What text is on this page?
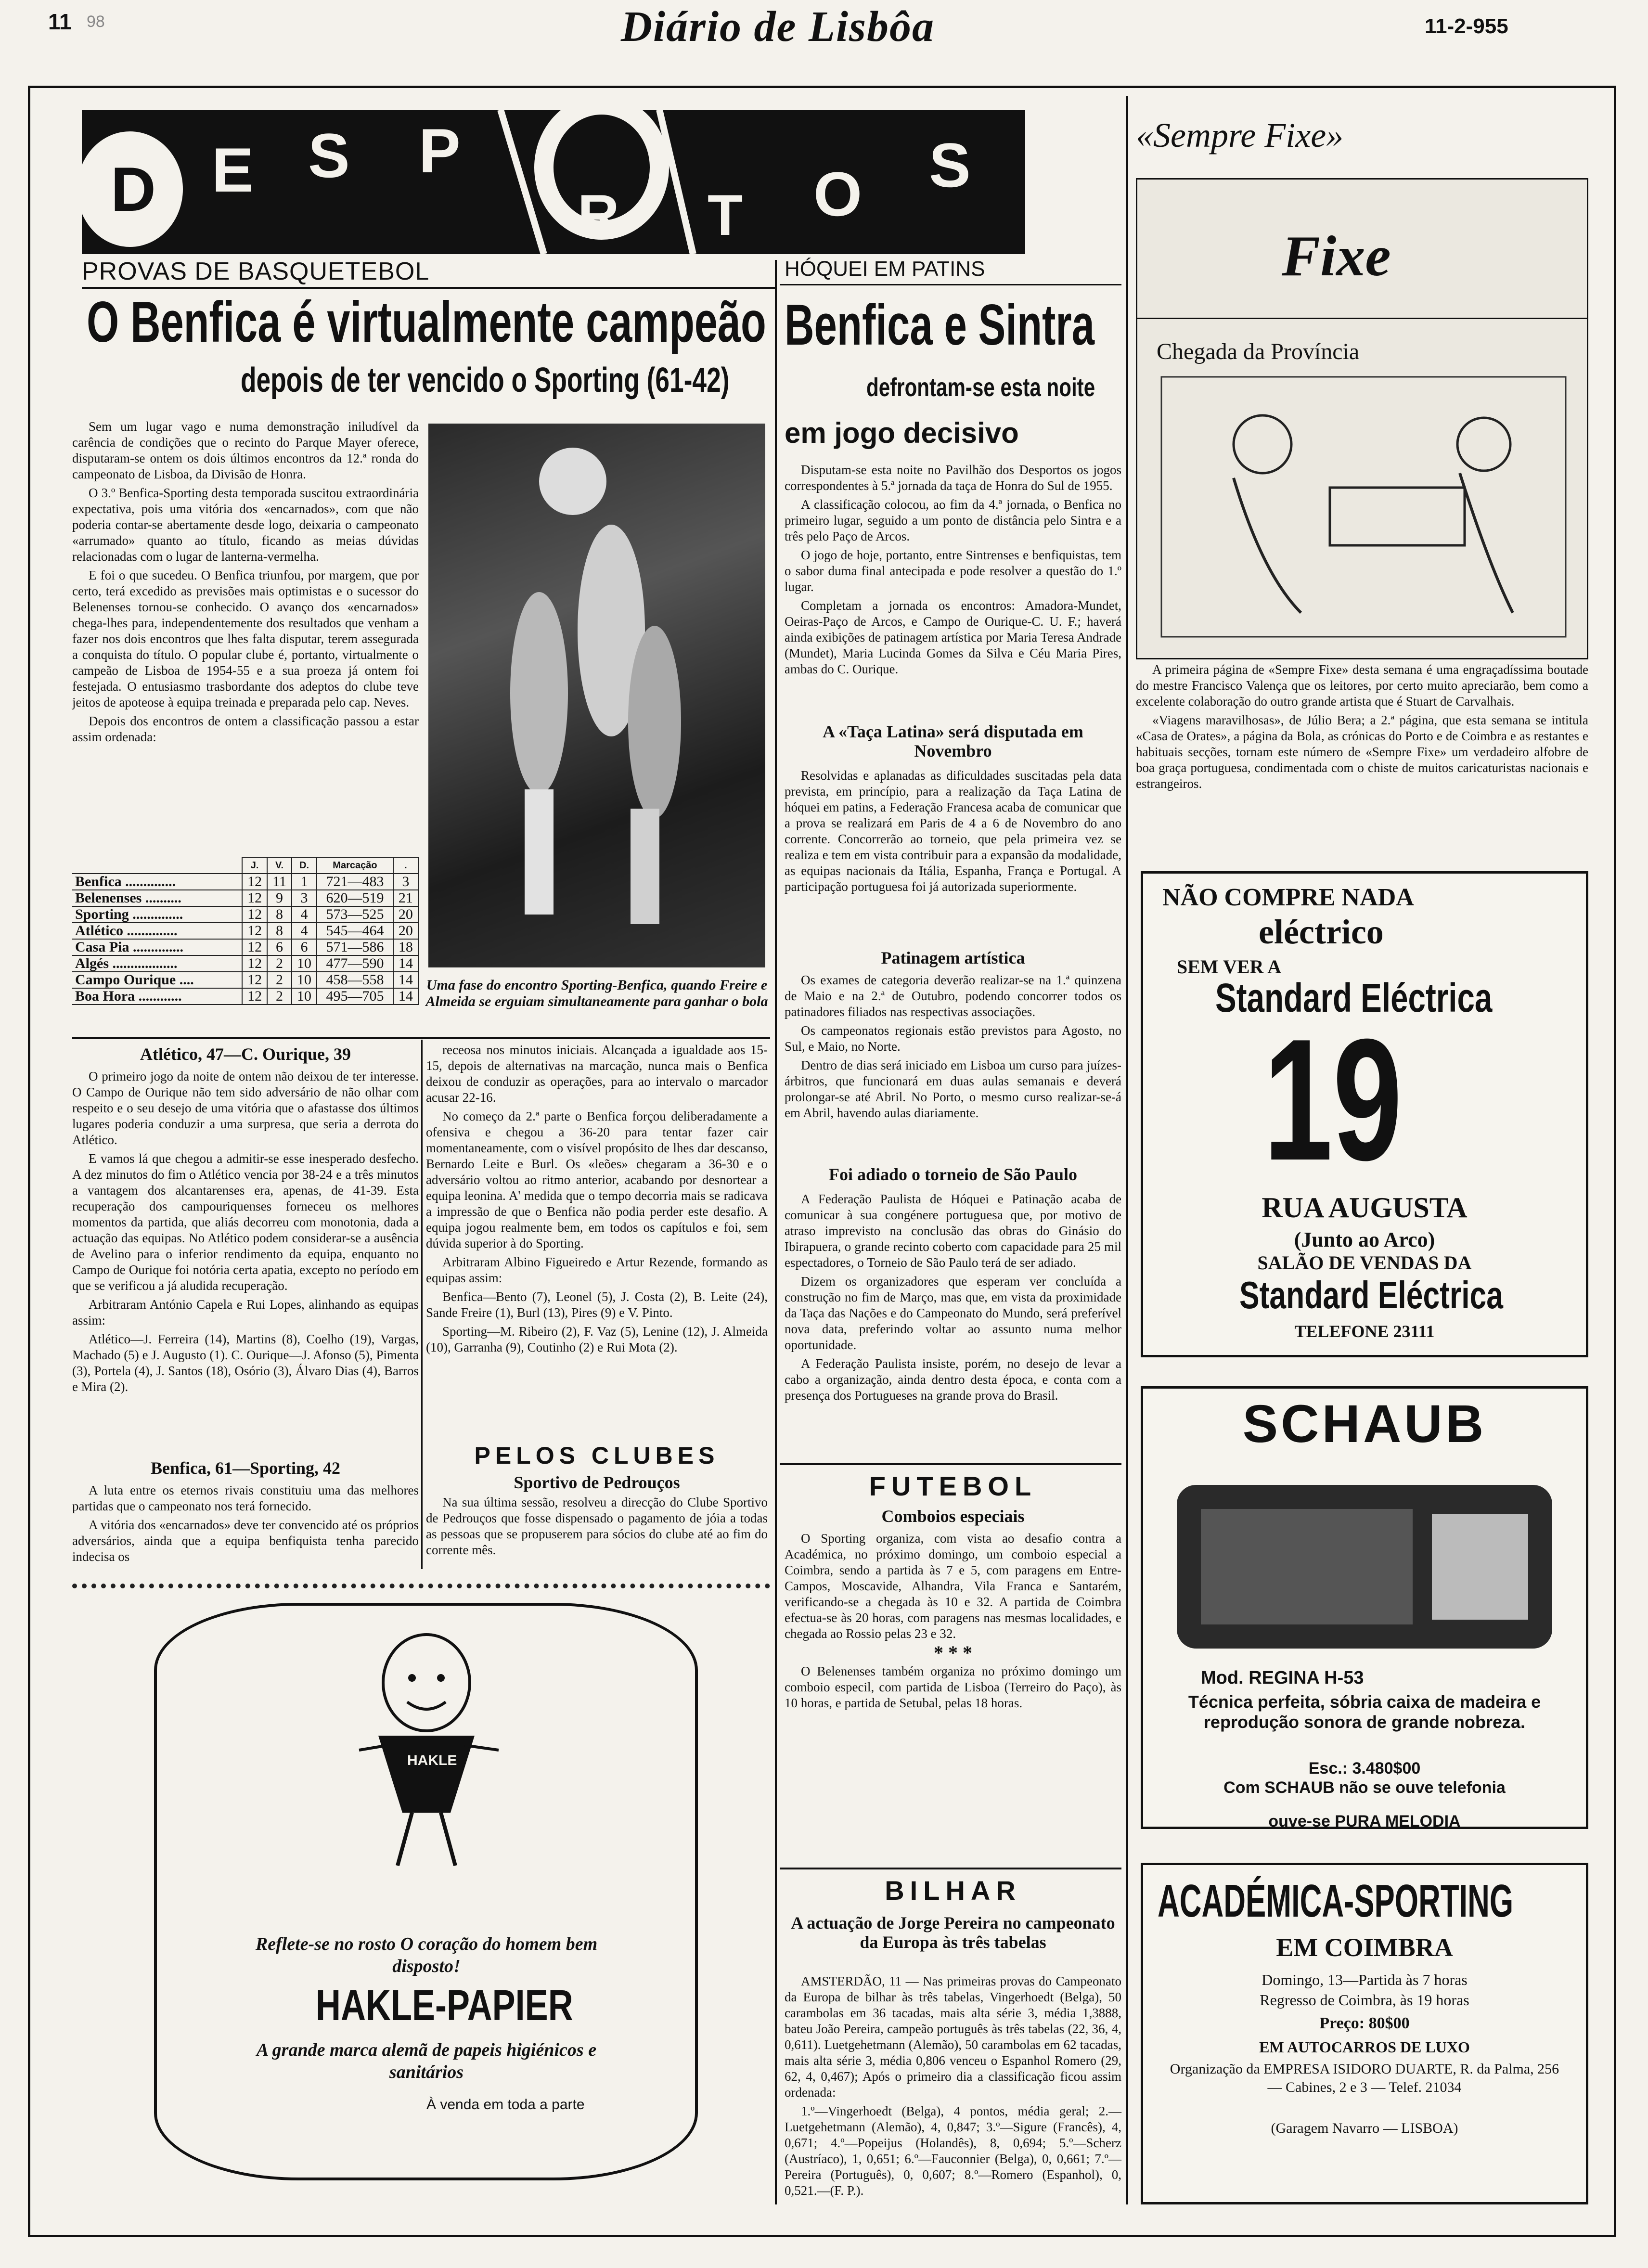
11 98	Diário de Lisbôa	11-2-955
D E S P
R T O S
PROVAS DE BASQUETEBOL
O Benfica é virtualmente campeão
depois de ter vencido o Sporting (61-42)

Sem um lugar vago e numa demonstração iniludível da carência de condições que o recinto do Parque Mayer oferece, disputaram-se ontem os dois últimos encontros da 12.ª ronda do campeonato de Lisboa, da Divisão de Honra.

O 3.º Benfica-Sporting desta temporada suscitou extraordinária expectativa, pois uma vitória dos «encarnados», com que não poderia contar-se abertamente desde logo, deixaria o campeonato «arrumado» quanto ao título, ficando as meias dúvidas relacionadas com o lugar de lanterna-vermelha.

E foi o que sucedeu. O Benfica triunfou, por margem, que por certo, terá excedido as previsões mais optimistas e o sucessor do Belenenses tornou-se conhecido. O avanço dos «encarnados» chega-lhes para, independentemente dos resultados que venham a fazer nos dois encontros que lhes falta disputar, terem assegurada a conquista do título. O popular clube é, portanto, virtualmente o campeão de Lisboa de 1954-55 e a sua proeza já ontem foi festejada. O entusiasmo trasbordante dos adeptos do clube teve jeitos de apoteose à equipa treinada e preparada pelo cap. Neves.

Depois dos encontros de ontem a classificação passou a estar assim ordenada:

	J.	V.	D.	Marcação	.
Benfica ..............	12	11	1	721—483	3
Belenenses ..........	12	9	3	620—519	21
Sporting ..............	12	8	4	573—525	20
Atlético ..............	12	8	4	545—464	20
Casa Pia ..............	12	6	6	571—586	18
Algés ..................	12	2	10	477—590	14
Campo Ourique ....	12	2	10	458—558	14
Boa Hora ............	12	2	10	495—705	14
Uma fase do encontro Sporting-Benfica, quando Freire e Almeida se erguiam simultaneamente para ganhar o bola
Atlético, 47—C. Ourique, 39

O primeiro jogo da noite de ontem não deixou de ter interesse. O Campo de Ourique não tem sido adversário de não olhar com respeito e o seu desejo de uma vitória que o afastasse dos últimos lugares poderia conduzir a uma surpresa, que seria a derrota do Atlético.

E vamos lá que chegou a admitir-se esse inesperado desfecho. A dez minutos do fim o Atlético vencia por 38-24 e a três minutos a vantagem dos alcantarenses era, apenas, de 41-39. Esta recuperação dos campouriquenses forneceu os melhores momentos da partida, que aliás decorreu com monotonia, dada a actuação das equipas. No Atlético podem considerar-se a ausência de Avelino para o inferior rendimento da equipa, enquanto no Campo de Ourique foi notória certa apatia, excepto no período em que se verificou a já aludida recuperação.

Arbitraram António Capela e Rui Lopes, alinhando as equipas assim:

Atlético—J. Ferreira (14), Martins (8), Coelho (19), Vargas, Machado (5) e J. Augusto (1). C. Ourique—J. Afonso (5), Pimenta (3), Portela (4), J. Santos (18), Osório (3), Álvaro Dias (4), Barros e Mira (2).

Benfica, 61—Sporting, 42

A luta entre os eternos rivais constituiu uma das melhores partidas que o campeonato nos terá fornecido.

A vitória dos «encarnados» deve ter convencido até os próprios adversários, ainda que a equipa benfiquista tenha parecido indecisa os

receosa nos minutos iniciais. Alcançada a igualdade aos 15-15, depois de alternativas na marcação, nunca mais o Benfica deixou de conduzir as operações, para ao intervalo o marcador acusar 22-16.

No começo da 2.ª parte o Benfica forçou deliberadamente a ofensiva e chegou a 36-20 para tentar fazer cair momentaneamente, com o visível propósito de lhes dar descanso, Bernardo Leite e Burl. Os «leões» chegaram a 36-30 e o adversário voltou ao ritmo anterior, acabando por desnortear a equipa leonina. A' medida que o tempo decorria mais se radicava a impressão de que o Benfica não podia perder este desafio. A equipa jogou realmente bem, em todos os capítulos e foi, sem dúvida superior à do Sporting.

Arbitraram Albino Figueiredo e Artur Rezende, formando as equipas assim:

Benfica—Bento (7), Leonel (5), J. Costa (2), B. Leite (24), Sande Freire (1), Burl (13), Pires (9) e V. Pinto.

Sporting—M. Ribeiro (2), F. Vaz (5), Lenine (12), J. Almeida (10), Garranha (9), Coutinho (2) e Rui Mota (2).

PELOS CLUBES
Sportivo de Pedrouços

Na sua última sessão, resolveu a direcção do Clube Sportivo de Pedrouços que fosse dispensado o pagamento de jóia a todas as pessoas que se propuserem para sócios do clube até ao fim do corrente mês.

HAKLE
Reflete-se no rosto O coração do homem bem disposto!
HAKLE-PAPIER
A grande marca alemã de papeis higiénicos e sanitários
À venda em toda a parte
HÓQUEI EM PATINS
Benfica e Sintra
defrontam-se esta noite
em jogo decisivo

Disputam-se esta noite no Pavilhão dos Desportos os jogos correspondentes à 5.ª jornada da taça de Honra do Sul de 1955.

A classificação colocou, ao fim da 4.ª jornada, o Benfica no primeiro lugar, seguido a um ponto de distância pelo Sintra e a três pelo Paço de Arcos.

O jogo de hoje, portanto, entre Sintrenses e benfiquistas, tem o sabor duma final antecipada e pode resolver a questão do 1.º lugar.

Completam a jornada os encontros: Amadora-Mundet, Oeiras-Paço de Arcos, e Campo de Ourique-C. U. F.; haverá ainda exibições de patinagem artística por Maria Teresa Andrade (Mundet), Maria Lucinda Gomes da Silva e Céu Maria Pires, ambas do C. Ourique.

A «Taça Latina» será disputada em Novembro

Resolvidas e aplanadas as dificuldades suscitadas pela data prevista, em princípio, para a realização da Taça Latina de hóquei em patins, a Federação Francesa acaba de comunicar que a prova se realizará em Paris de 4 a 6 de Novembro do ano corrente. Concorrerão ao torneio, que pela primeira vez se realiza e tem em vista contribuir para a expansão da modalidade, as equipas nacionais da Itália, Espanha, França e Portugal. A participação portuguesa foi já autorizada superiormente.

Patinagem artística

Os exames de categoria deverão realizar-se na 1.ª quinzena de Maio e na 2.ª de Outubro, podendo concorrer todos os patinadores filiados nas respectivas associações.

Os campeonatos regionais estão previstos para Agosto, no Sul, e Maio, no Norte.

Dentro de dias será iniciado em Lisboa um curso para juízes-árbitros, que funcionará em duas aulas semanais e deverá prolongar-se até Abril. No Porto, o mesmo curso realizar-se-á em Abril, havendo aulas diariamente.

Foi adiado o torneio de São Paulo

A Federação Paulista de Hóquei e Patinação acaba de comunicar à sua congénere portuguesa que, por motivo de atraso imprevisto na conclusão das obras do Ginásio do Ibirapuera, o grande recinto coberto com capacidade para 25 mil espectadores, o Torneio de São Paulo terá de ser adiado.

Dizem os organizadores que esperam ver concluída a construção no fim de Março, mas que, em vista da proximidade da Taça das Nações e do Campeonato do Mundo, será preferível nova data, preferindo voltar ao assunto numa melhor oportunidade.

A Federação Paulista insiste, porém, no desejo de levar a cabo a organização, ainda dentro desta época, e conta com a presença dos Portugueses na grande prova do Brasil.

FUTEBOL
Comboios especiais

O Sporting organiza, com vista ao desafio contra a Académica, no próximo domingo, um comboio especial a Coimbra, sendo a partida às 7 e 5, com paragens em Entre-Campos, Moscavide, Alhandra, Vila Franca e Santarém, verificando-se a chegada às 10 e 32. A partida de Coimbra efectua-se às 20 horas, com paragens nas mesmas localidades, e chegada ao Rossio pelas 23 e 32.

* * *

O Belenenses também organiza no próximo domingo um comboio especil, com partida de Lisboa (Terreiro do Paço), às 10 horas, e partida de Setubal, pelas 18 horas.

BILHAR
A actuação de Jorge Pereira no campeonato da Europa às três tabelas

AMSTERDÃO, 11 — Nas primeiras provas do Campeonato da Europa de bilhar às três tabelas, Vingerhoedt (Belga), 50 carambolas em 36 tacadas, mais alta série 3, média 1,3888, bateu João Pereira, campeão português às três tabelas (22, 36, 4, 0,611). Luetgehetmann (Alemão), 50 carambolas em 62 tacadas, mais alta série 3, média 0,806 venceu o Espanhol Romero (29, 62, 4, 0,467); Após o primeiro dia a classificação ficou assim ordenada:

1.º—Vingerhoedt (Belga), 4 pontos, média geral; 2.—Luetgehetmann (Alemão), 4, 0,847; 3.º—Sigure (Francês), 4, 0,671; 4.º—Popeijus (Holandês), 8, 0,694; 5.º—Scherz (Austríaco), 1, 0,651; 6.º—Fauconnier (Belga), 0, 0,661; 7.º—Pereira (Português), 0, 0,607; 8.º—Romero (Espanhol), 0, 0,521.—(F. P.).

«Sempre Fixe»
Fixe
Chegada da Província

A primeira página de «Sempre Fixe» desta semana é uma engraçadíssima boutade do mestre Francisco Valença que os leitores, por certo muito apreciarão, bem como a excelente colaboração do outro grande artista que é Stuart de Carvalhais.

«Viagens maravilhosas», de Júlio Bera; a 2.ª página, que esta semana se intitula «Casa de Orates», a página da Bola, as crónicas do Porto e de Coimbra e as restantes e habituais secções, tornam este número de «Sempre Fixe» um verdadeiro alfobre de boa graça portuguesa, condimentada com o chiste de muitos caricaturistas nacionais e estrangeiros.

NÃO COMPRE NADA
eléctrico
SEM VER A
Standard Eléctrica
19
RUA AUGUSTA
(Junto ao Arco)
SALÃO DE VENDAS DA
Standard Eléctrica
TELEFONE 23111
SCHAUB
Mod. REGINA H-53
Técnica perfeita, sóbria caixa de madeira e reprodução sonora de grande nobreza.
Esc.: 3.480$00
Com SCHAUB não se ouve telefonia
ouve-se PURA MELODIA
ACADÉMICA-SPORTING
EM COIMBRA
Domingo, 13—Partida às 7 horas
Regresso de Coimbra, às 19 horas
Preço: 80$00
EM AUTOCARROS DE LUXO
Organização da EMPRESA ISIDORO DUARTE, R. da Palma, 256 — Cabines, 2 e 3 — Telef. 21034
(Garagem Navarro — LISBOA)
